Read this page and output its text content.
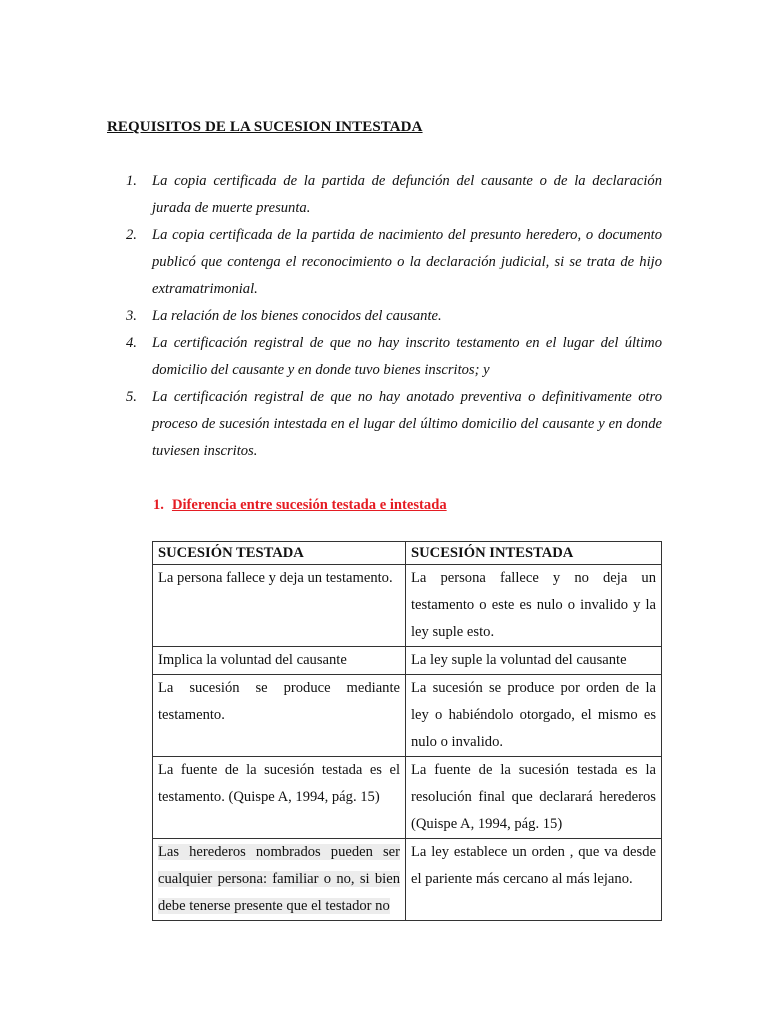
REQUISITOS DE LA SUCESION INTESTADA
1.	La copia certificada de la partida de defunción del causante o de la declaración jurada de muerte presunta.
2.	La copia certificada de la partida de nacimiento del presunto heredero, o documento publicó que contenga el reconocimiento o la declaración judicial, si se trata de hijo extramatrimonial.
3.	La relación de los bienes conocidos del causante.
4.	La certificación registral de que no hay inscrito testamento en el lugar del último domicilio del causante y en donde tuvo bienes inscritos; y
5.	La certificación registral de que no hay anotado preventiva o definitivamente otro proceso de sucesión intestada en el lugar del último domicilio del causante y en donde tuviesen inscritos.
1. Diferencia entre sucesión testada e intestada
SUCESIÓN TESTADA	SUCESIÓN INTESTADA
La persona fallece y deja un testamento.	La persona fallece y no deja un testamento o este es nulo o invalido y la ley suple esto.
Implica la voluntad del causante	La ley suple la voluntad del causante
La sucesión se produce mediante testamento.	La sucesión se produce por orden de la ley o habiéndolo otorgado, el mismo es nulo o invalido.
La fuente de la sucesión testada es el testamento. (Quispe A, 1994, pág. 15)	La fuente de la sucesión testada es la resolución final que declarará herederos (Quispe A, 1994, pág. 15)
Las herederos nombrados pueden ser cualquier persona: familiar o no, si bien debe tenerse presente que el testador no	La ley establece un orden , que va desde el pariente más cercano al más lejano.
